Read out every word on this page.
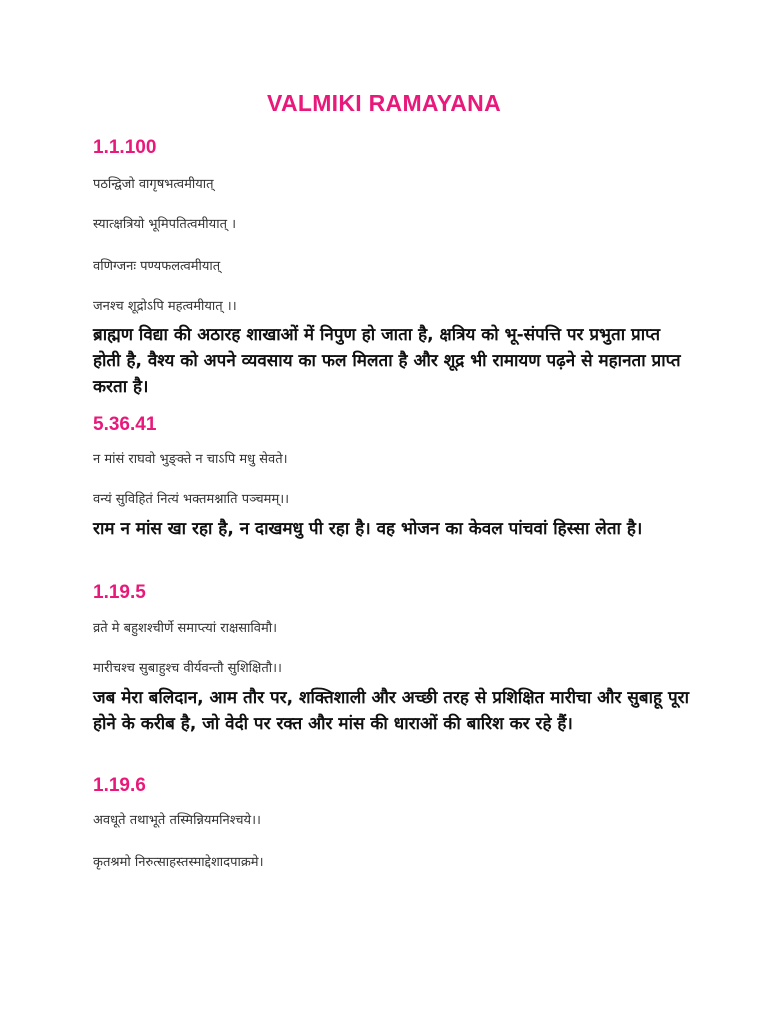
VALMIKI RAMAYANA
1.1.100
पठन्द्विजो वागृषभत्वमीयात्
स्यात्क्षत्रियो भूमिपतित्वमीयात् ।
वणिग्जनः पण्यफलत्वमीयात्
जनश्च शूद्रोऽपि महत्वमीयात् ।।
ब्राह्मण विद्या की अठारह शाखाओं में निपुण हो जाता है, क्षत्रिय को भू-संपत्ति पर प्रभुता प्राप्त होती है, वैश्य को अपने व्यवसाय का फल मिलता है और शूद्र भी रामायण पढ़ने से महानता प्राप्त करता है।
5.36.41
न मांसं राघवो भुङ्क्ते न चाऽपि मधु सेवते।
वन्यं सुविहितं नित्यं भक्तमश्नाति पञ्चमम्।।
राम न मांस खा रहा है, न दाखमधु पी रहा है। वह भोजन का केवल पांचवां हिस्सा लेता है।
1.19.5
व्रते मे बहुशश्चीर्णे समाप्त्यां राक्षसाविमौ।
मारीचश्च सुबाहुश्च वीर्यवन्तौ सुशिक्षितौ।।
जब मेरा बलिदान, आम तौर पर, शक्तिशाली और अच्छी तरह से प्रशिक्षित मारीचा और सुबाहू पूरा होने के करीब है, जो वेदी पर रक्त और मांस की धाराओं की बारिश कर रहे हैं।
1.19.6
अवधूते तथाभूते तस्मिन्नियमनिश्चये।।
कृतश्रमो निरुत्साहस्तस्माद्देशादपाक्रमे।
